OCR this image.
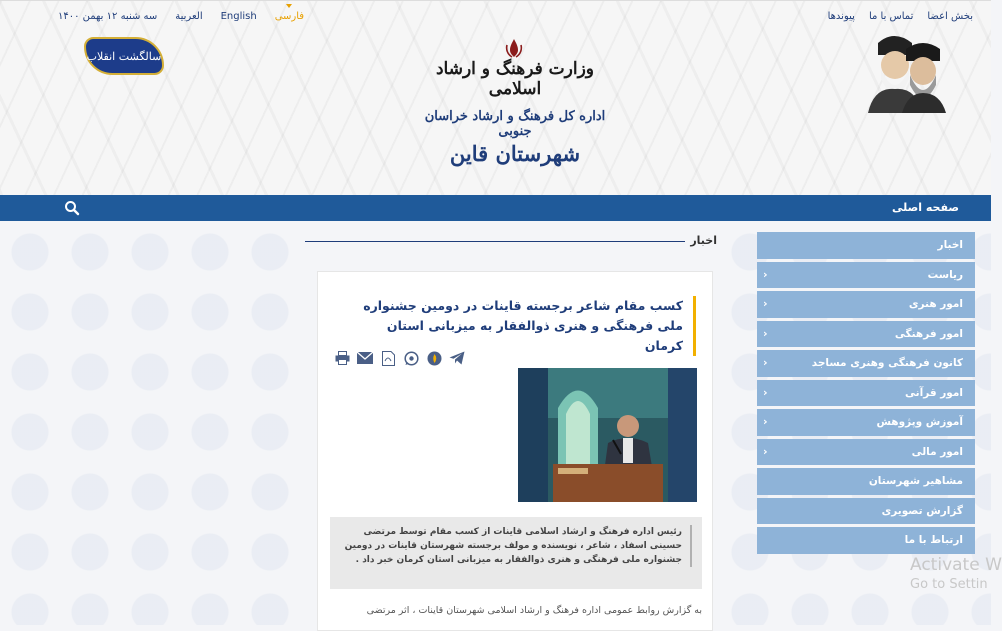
بخش اعضا
تماس با ما
پیوندها
سه شنبه ۱۲ بهمن ۱۴۰۰ العربية English فارسی
سالگشت انقلاب
وزارت فرهنگ و ارشاد اسلامی
اداره کل فرهنگ و ارشاد خراسان جنوبی
شهرستان قاین
صفحه اصلی
اخبار
‹	ریاست
‹	امور هنری
‹	امور فرهنگی
‹	کانون فرهنگی وهنری مساجد
‹	امور قرآنی
‹	آموزش وپژوهش
‹	امور مالی
مشاهیر شهرستان
گزارش تصویری
ارتباط با ما
اخبار
کسب مقام شاعر برجسته قاینات در دومین جشنواره ملی فرهنگی و هنری ذوالفقار به میزبانی استان کرمان
رئیس اداره فرهنگ و ارشاد اسلامی قاینات از کسب مقام توسط مرتضی حسینی اسفاد ، شاعر ، نویسنده و مولف برجسته شهرستان قاینات در دومین جشنواره ملی فرهنگی و هنری ذوالفقار به میزبانی استان کرمان خبر داد .
به گزارش روابط عمومی اداره فرهنگ و ارشاد اسلامی شهرستان قاینات ، اثر مرتضی
Activate W
Go to Settin
